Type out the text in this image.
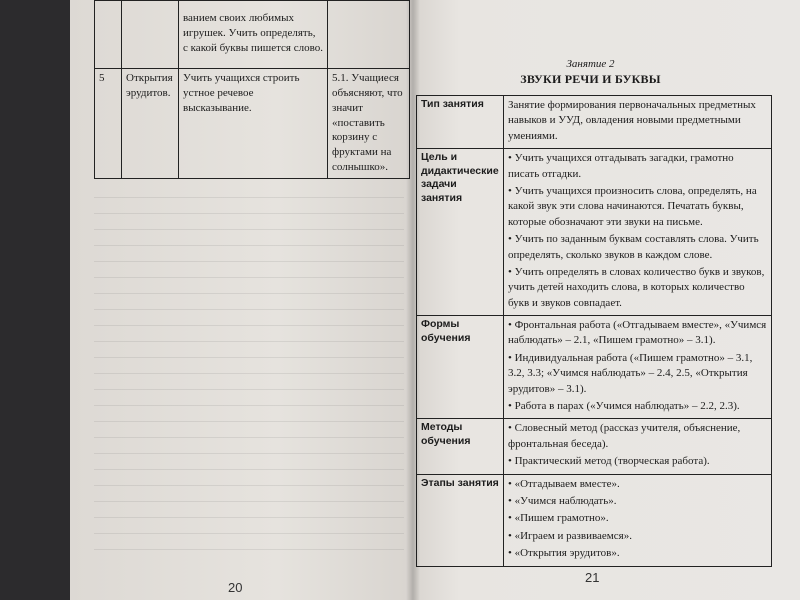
		ванием своих любимых игрушек. Учить определять, с какой буквы пишется слово.	
5	Открытия эрудитов.	Учить учащихся строить устное речевое высказывание.	5.1. Учащиеся объясняют, что значит «поставить корзину с фруктами на солнышко».
20
Занятие 2
ЗВУКИ РЕЧИ И БУКВЫ
Тип занятия	Занятие формирования первоначальных предметных навыков и УУД, овладения новыми предметными умениями.

Цель и дидактические задачи занятия	• Учить учащихся отгадывать загадки, грамотно писать отгадки.

• Учить учащихся произносить слова, определять, на какой звук эти слова начинаются. Печатать буквы, которые обозначают эти звуки на письме.

• Учить по заданным буквам составлять слова. Учить определять, сколько звуков в каждом слове.

• Учить определять в словах количество букв и звуков, учить детей находить слова, в которых количество букв и звуков совпадает.

Формы обучения	• Фронтальная работа («Отгадываем вместе», «Учимся наблюдать» – 2.1, «Пишем грамотно» – 3.1).

• Индивидуальная работа («Пишем грамотно» – 3.1, 3.2, 3.3; «Учимся наблюдать» – 2.4, 2.5, «Открытия эрудитов» – 3.1).

• Работа в парах («Учимся наблюдать» – 2.2, 2.3).

Методы обучения	• Словесный метод (рассказ учителя, объяснение, фронтальная беседа).

• Практический метод (творческая работа).

Этапы занятия	• «Отгадываем вместе».

• «Учимся наблюдать».

• «Пишем грамотно».

• «Играем и развиваемся».

• «Открытия эрудитов».

21
